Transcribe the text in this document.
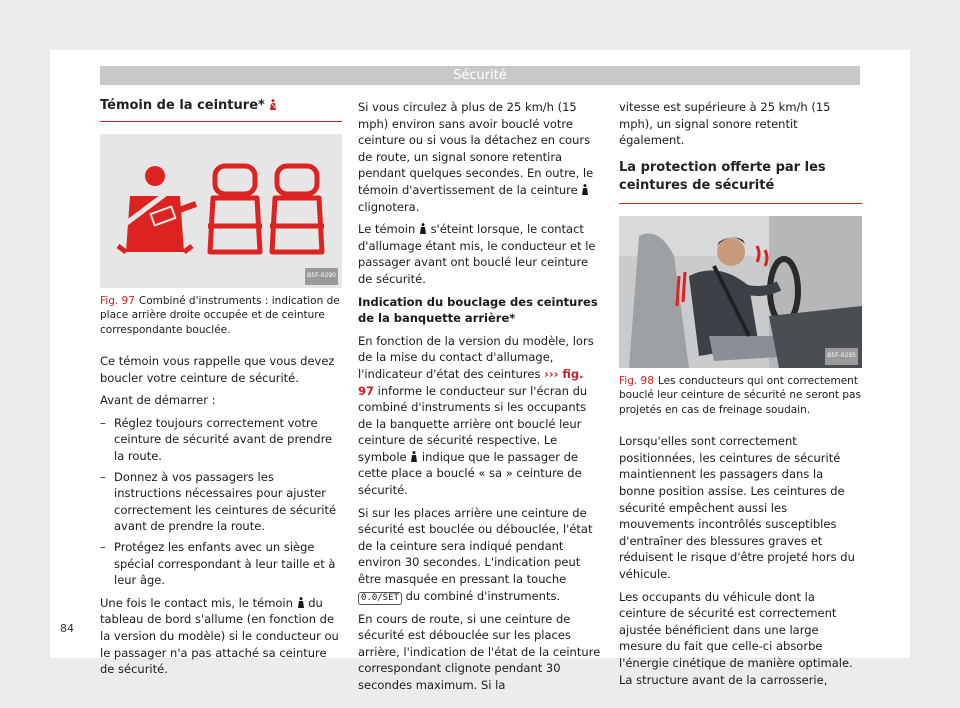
Sécurité
Témoin de la ceinture*
B5F-0290
Fig. 97 Combiné d'instruments : indication de place arrière droite occupée et de ceinture correspondante bouclée.

Ce témoin vous rappelle que vous devez boucler votre ceinture de sécurité.

Avant de démarrer :

– Réglez toujours correctement votre ceinture de sécurité avant de prendre la route.
– Donnez à vos passagers les instructions nécessaires pour ajuster correctement les ceintures de sécurité avant de prendre la route.
– Protégez les enfants avec un siège spécial correspondant à leur taille et à leur âge.

Une fois le contact mis, le témoin du tableau de bord s'allume (en fonction de la version du modèle) si le conducteur ou le passager n'a pas attaché sa ceinture de sécurité.

Si vous circulez à plus de 25 km/h (15 mph) environ sans avoir bouclé votre ceinture ou si vous la détachez en cours de route, un signal sonore retentira pendant quelques secondes. En outre, le témoin d'avertissement de la ceinture  clignotera.

Le témoin s'éteint lorsque, le contact d'allumage étant mis, le conducteur et le passager avant ont bouclé leur ceinture de sécurité.

Indication du bouclage des ceintures de la banquette arrière*

En fonction de la version du modèle, lors de la mise du contact d'allumage, l'indicateur d'état des ceintures ››› fig. 97 informe le conducteur sur l'écran du combiné d'instruments si les occupants de la banquette arrière ont bouclé leur ceinture de sécurité respective. Le symbole indique que le passager de cette place a bouclé « sa » ceinture de sécurité.

Si sur les places arrière une ceinture de sécurité est bouclée ou débouclée, l'état de la ceinture sera indiqué pendant environ 30 secondes. L'indication peut être masquée en pressant la touche 0.0/SET du combiné d'instruments.

En cours de route, si une ceinture de sécurité est débouclée sur les places arrière, l'indication de l'état de la ceinture correspondant clignote pendant 30 secondes maximum. Si la

vitesse est supérieure à 25 km/h (15 mph), un signal sonore retentit également.

La protection offerte par les ceintures de sécurité
B5F-0295
Fig. 98 Les conducteurs qui ont correctement bouclé leur ceinture de sécurité ne seront pas projetés en cas de freinage soudain.

Lorsqu'elles sont correctement positionnées, les ceintures de sécurité maintiennent les passagers dans la bonne position assise. Les ceintures de sécurité empêchent aussi les mouvements incontrôlés susceptibles d'entraîner des blessures graves et réduisent le risque d'être projeté hors du véhicule.

Les occupants du véhicule dont la ceinture de sécurité est correctement ajustée bénéficient dans une large mesure du fait que celle-ci absorbe l'énergie cinétique de manière optimale. La structure avant de la carrosserie,

84
